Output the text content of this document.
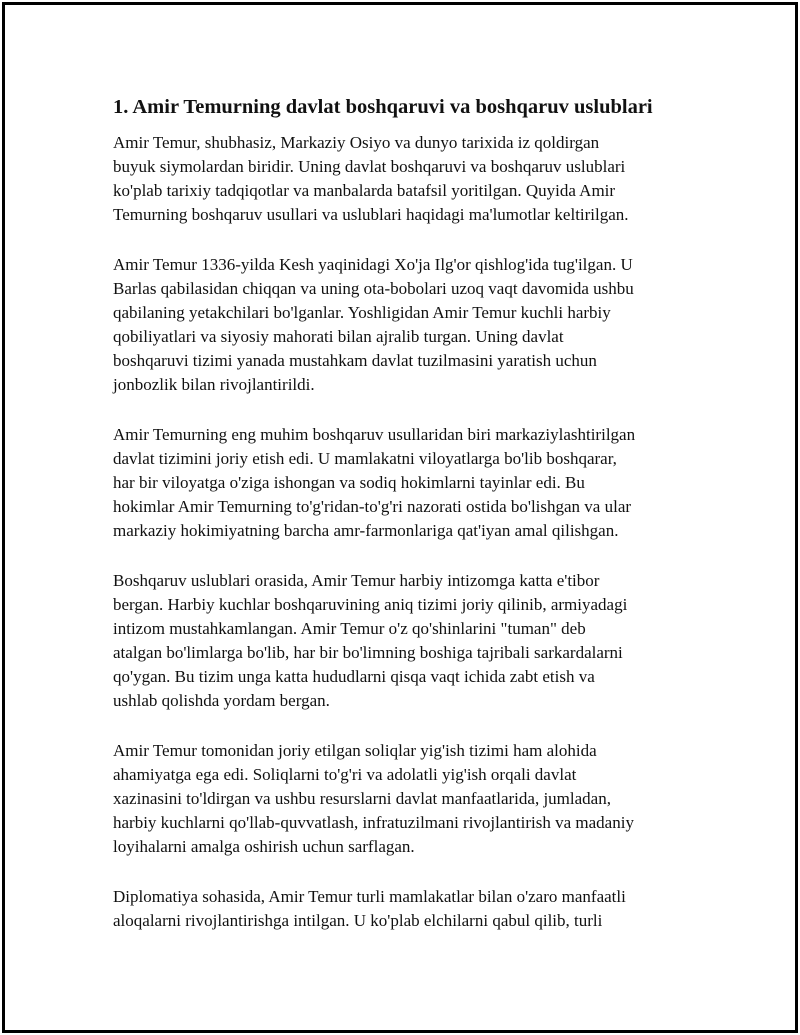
1. Amir Temurning davlat boshqaruvi va boshqaruv uslublari

Amir Temur, shubhasiz, Markaziy Osiyo va dunyo tarixida iz qoldirgan
buyuk siymolardan biridir. Uning davlat boshqaruvi va boshqaruv uslublari
ko'plab tarixiy tadqiqotlar va manbalarda batafsil yoritilgan. Quyida Amir
Temurning boshqaruv usullari va uslublari haqidagi ma'lumotlar keltirilgan.

Amir Temur 1336-yilda Kesh yaqinidagi Xo'ja Ilg'or qishlog'ida tug'ilgan. U
Barlas qabilasidan chiqqan va uning ota-bobolari uzoq vaqt davomida ushbu
qabilaning yetakchilari bo'lganlar. Yoshligidan Amir Temur kuchli harbiy
qobiliyatlari va siyosiy mahorati bilan ajralib turgan. Uning davlat
boshqaruvi tizimi yanada mustahkam davlat tuzilmasini yaratish uchun
jonbozlik bilan rivojlantirildi.

Amir Temurning eng muhim boshqaruv usullaridan biri markaziylashtirilgan
davlat tizimini joriy etish edi. U mamlakatni viloyatlarga bo'lib boshqarar,
har bir viloyatga o'ziga ishongan va sodiq hokimlarni tayinlar edi. Bu
hokimlar Amir Temurning to'g'ridan-to'g'ri nazorati ostida bo'lishgan va ular
markaziy hokimiyatning barcha amr-farmonlariga qat'iyan amal qilishgan.

Boshqaruv uslublari orasida, Amir Temur harbiy intizomga katta e'tibor
bergan. Harbiy kuchlar boshqaruvining aniq tizimi joriy qilinib, armiyadagi
intizom mustahkamlangan. Amir Temur o'z qo'shinlarini "tuman" deb
atalgan bo'limlarga bo'lib, har bir bo'limning boshiga tajribali sarkardalarni
qo'ygan. Bu tizim unga katta hududlarni qisqa vaqt ichida zabt etish va
ushlab qolishda yordam bergan.

Amir Temur tomonidan joriy etilgan soliqlar yig'ish tizimi ham alohida
ahamiyatga ega edi. Soliqlarni to'g'ri va adolatli yig'ish orqali davlat
xazinasini to'ldirgan va ushbu resurslarni davlat manfaatlarida, jumladan,
harbiy kuchlarni qo'llab-quvvatlash, infratuzilmani rivojlantirish va madaniy
loyihalarni amalga oshirish uchun sarflagan.

Diplomatiya sohasida, Amir Temur turli mamlakatlar bilan o'zaro manfaatli
aloqalarni rivojlantirishga intilgan. U ko'plab elchilarni qabul qilib, turli
